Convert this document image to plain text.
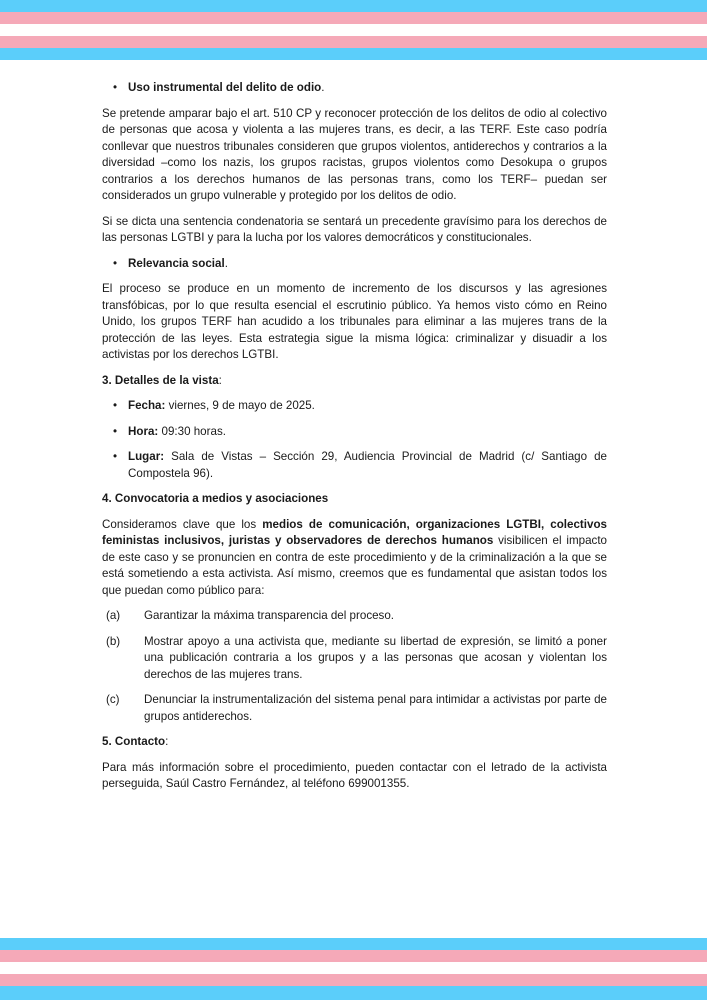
• Uso instrumental del delito de odio.

Se pretende amparar bajo el art. 510 CP y reconocer protección de los delitos de odio al colectivo de personas que acosa y violenta a las mujeres trans, es decir, a las TERF. Este caso podría conllevar que nuestros tribunales consideren que grupos violentos, antiderechos y contrarios a la diversidad –como los nazis, los grupos racistas, grupos violentos como Desokupa o grupos contrarios a los derechos humanos de las personas trans, como los TERF– puedan ser considerados un grupo vulnerable y protegido por los delitos de odio.

Si se dicta una sentencia condenatoria se sentará un precedente gravísimo para los derechos de las personas LGTBI y para la lucha por los valores democráticos y constitucionales.

• Relevancia social.

El proceso se produce en un momento de incremento de los discursos y las agresiones transfóbicas, por lo que resulta esencial el escrutinio público. Ya hemos visto cómo en Reino Unido, los grupos TERF han acudido a los tribunales para eliminar a las mujeres trans de la protección de las leyes. Esta estrategia sigue la misma lógica: criminalizar y disuadir a los activistas por los derechos LGTBI.

3. Detalles de la vista:

• Fecha: viernes, 9 de mayo de 2025.
• Hora: 09:30 horas.
• Lugar: Sala de Vistas – Sección 29, Audiencia Provincial de Madrid (c/ Santiago de Compostela 96).

4. Convocatoria a medios y asociaciones

Consideramos clave que los medios de comunicación, organizaciones LGTBI, colectivos feministas inclusivos, juristas y observadores de derechos humanos visibilicen el impacto de este caso y se pronuncien en contra de este procedimiento y de la criminalización a la que se está sometiendo a esta activista. Así mismo, creemos que es fundamental que asistan todos los que puedan como público para:

(a)	Garantizar la máxima transparencia del proceso.
(b)	Mostrar apoyo a una activista que, mediante su libertad de expresión, se limitó a poner una publicación contraria a los grupos y a las personas que acosan y violentan los derechos de las mujeres trans.
(c)	Denunciar la instrumentalización del sistema penal para intimidar a activistas por parte de grupos antiderechos.

5. Contacto:

Para más información sobre el procedimiento, pueden contactar con el letrado de la activista perseguida, Saúl Castro Fernández, al teléfono 699001355.
